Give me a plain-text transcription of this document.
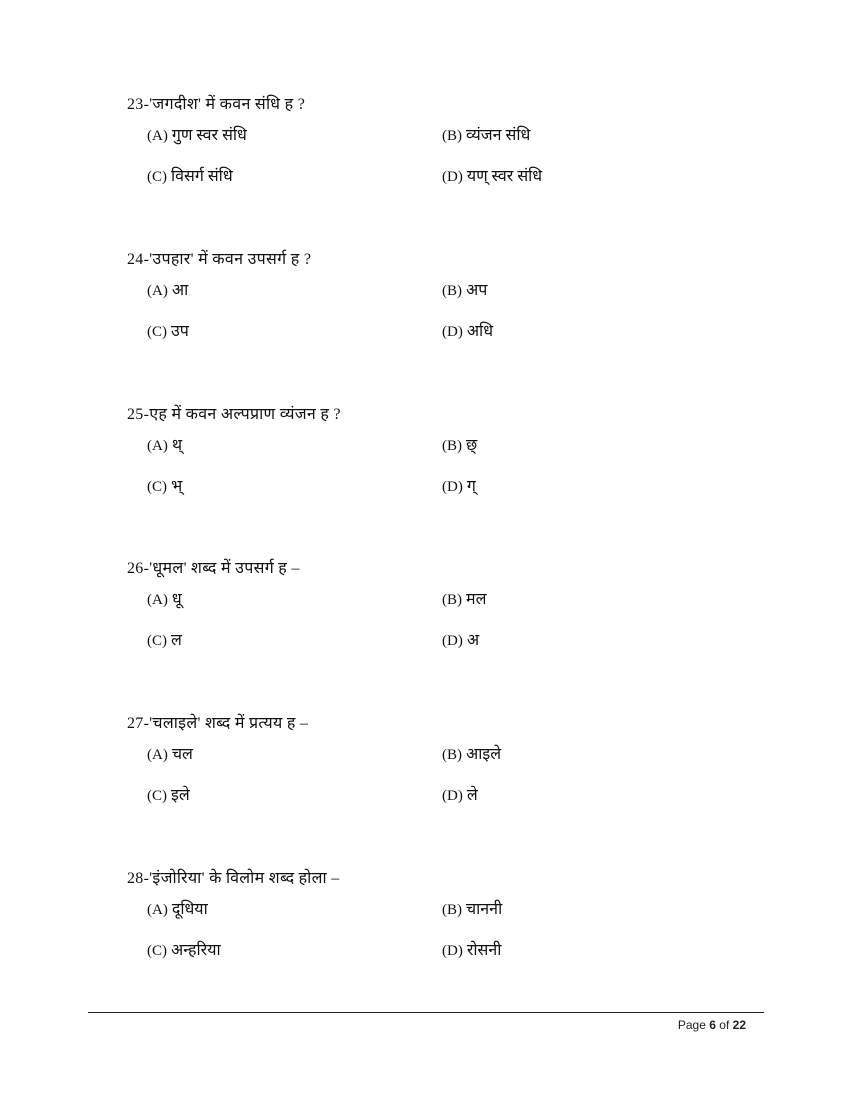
23-'जगदीश' में कवन संधि ह ?
(A) गुण स्वर संधि	(B) व्यंजन संधि
(C) विसर्ग संधि	(D) यण् स्वर संधि
24-'उपहार' में कवन उपसर्ग ह ?
(A) आ	(B) अप
(C) उप	(D) अधि
25-एह में कवन अल्पप्राण व्यंजन ह ?
(A) थ्	(B) छ्
(C) भ्	(D) ग्
26-'धूमल' शब्द में उपसर्ग ह –
(A) धू	(B) मल
(C) ल	(D) अ
27-'चलाइले' शब्द में प्रत्यय ह –
(A) चल	(B) आइले
(C) इले	(D) ले
28-'इंजोरिया' के विलोम शब्द होला –
(A) दूधिया	(B) चाननी
(C) अन्हरिया	(D) रोसनी
Page 6 of 22
